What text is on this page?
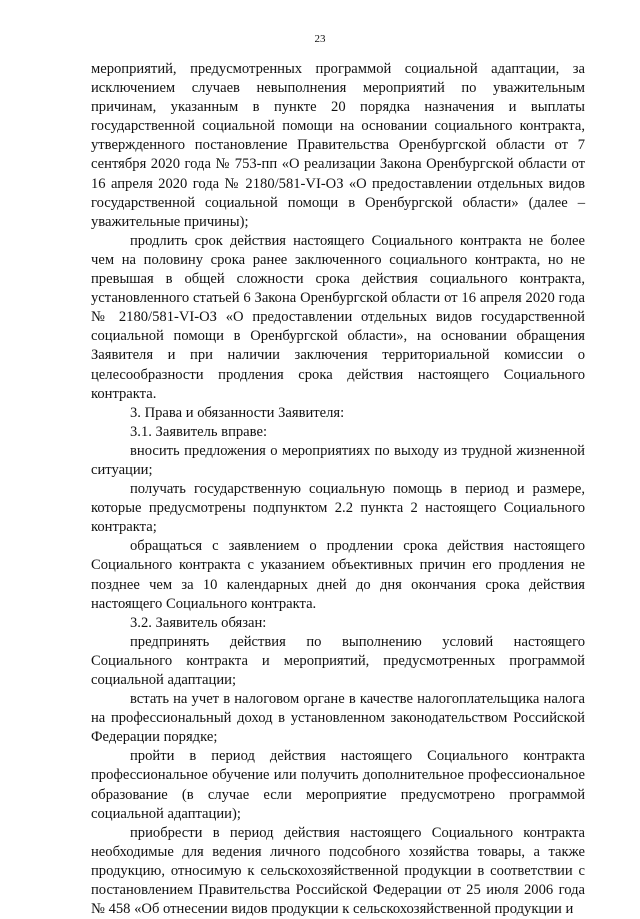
23

мероприятий, предусмотренных программой социальной адаптации, за исключением случаев невыполнения мероприятий по уважительным причинам, указанным в пункте 20 порядка назначения и выплаты государственной социальной помощи на основании социального контракта, утвержденного постановление Правительства Оренбургской области от 7 сентября 2020 года № 753-пп «О реализации Закона Оренбургской области от 16 апреля 2020 года № 2180/581-VI-ОЗ «О предоставлении отдельных видов государственной социальной помощи в Оренбургской области» (далее – уважительные причины);

продлить срок действия настоящего Социального контракта не более чем на половину срока ранее заключенного социального контракта, но не превышая в общей сложности срока действия социального контракта, установленного статьей 6 Закона Оренбургской области от 16 апреля 2020 года № 2180/581-VI-ОЗ «О предоставлении отдельных видов государственной социальной помощи в Оренбургской области», на основании обращения Заявителя и при наличии заключения территориальной комиссии о целесообразности продления срока действия настоящего Социального контракта.

3. Права и обязанности Заявителя:

3.1. Заявитель вправе:

вносить предложения о мероприятиях по выходу из трудной жизненной ситуации;

получать государственную социальную помощь в период и размере, которые предусмотрены подпунктом 2.2 пункта 2 настоящего Социального контракта;

обращаться с заявлением о продлении срока действия настоящего Социального контракта с указанием объективных причин его продления не позднее чем за 10 календарных дней до дня окончания срока действия настоящего Социального контракта.

3.2. Заявитель обязан:

предпринять действия по выполнению условий настоящего Социального контракта и мероприятий, предусмотренных программой социальной адаптации;

встать на учет в налоговом органе в качестве налогоплательщика налога на профессиональный доход в установленном законодательством Российской Федерации порядке;

пройти в период действия настоящего Социального контракта профессиональное обучение или получить дополнительное профессиональное образование (в случае если мероприятие предусмотрено программой социальной адаптации);

приобрести в период действия настоящего Социального контракта необходимые для ведения личного подсобного хозяйства товары, а также продукцию, относимую к сельскохозяйственной продукции в соответствии с постановлением Правительства Российской Федерации от 25 июля 2006 года № 458 «Об отнесении видов продукции к сельскохозяйственной продукции и
